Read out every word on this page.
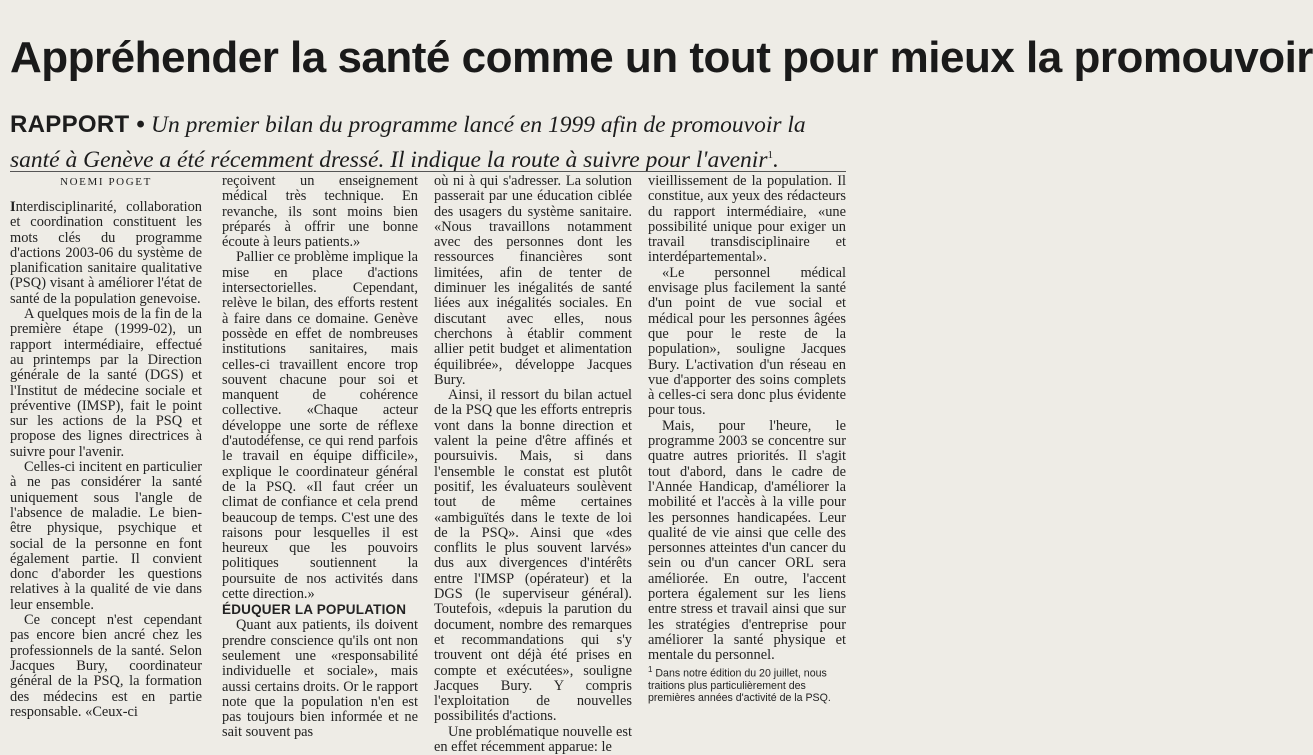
Appréhender la santé comme un tout pour mieux la promouvoir
RAPPORT • Un premier bilan du programme lancé en 1999 afin de promouvoir la santé à Genève a été récemment dressé. Il indique la route à suivre pour l'avenir$^1$.
NOEMI POGET

Interdisciplinarité, collaboration et coordination constituent les mots clés du programme d'actions 2003-06 du système de planification sanitaire qualitative (PSQ) visant à améliorer l'état de santé de la population genevoise.

A quelques mois de la fin de la première étape (1999-02), un rapport intermédiaire, effectué au printemps par la Direction générale de la santé (DGS) et l'Institut de médecine sociale et préventive (IMSP), fait le point sur les actions de la PSQ et propose des lignes directrices à suivre pour l'avenir.

Celles-ci incitent en particulier à ne pas considérer la santé uniquement sous l'angle de l'absence de maladie. Le bien-être physique, psychique et social de la personne en font également partie. Il convient donc d'aborder les questions relatives à la qualité de vie dans leur ensemble.

Ce concept n'est cependant pas encore bien ancré chez les professionnels de la santé. Selon Jacques Bury, coordinateur général de la PSQ, la formation des médecins est en partie responsable. «Ceux-ci

reçoivent un enseignement médical très technique. En revanche, ils sont moins bien préparés à offrir une bonne écoute à leurs patients.»

Pallier ce problème implique la mise en place d'actions intersectorielles. Cependant, relève le bilan, des efforts restent à faire dans ce domaine. Genève possède en effet de nombreuses institutions sanitaires, mais celles-ci travaillent encore trop souvent chacune pour soi et manquent de cohérence collective. «Chaque acteur développe une sorte de réflexe d'autodéfense, ce qui rend parfois le travail en équipe difficile», explique le coordinateur général de la PSQ. «Il faut créer un climat de confiance et cela prend beaucoup de temps. C'est une des raisons pour lesquelles il est heureux que les pouvoirs politiques soutiennent la poursuite de nos activités dans cette direction.»

ÉDUQUER LA POPULATION

Quant aux patients, ils doivent prendre conscience qu'ils ont non seulement une «responsabilité individuelle et sociale», mais aussi certains droits. Or le rapport note que la population n'en est pas toujours bien informée et ne sait souvent pas

où ni à qui s'adresser. La solution passerait par une éducation ciblée des usagers du système sanitaire. «Nous travaillons notamment avec des personnes dont les ressources financières sont limitées, afin de tenter de diminuer les inégalités de santé liées aux inégalités sociales. En discutant avec elles, nous cherchons à établir comment allier petit budget et alimentation équilibrée», développe Jacques Bury.

Ainsi, il ressort du bilan actuel de la PSQ que les efforts entrepris vont dans la bonne direction et valent la peine d'être affinés et poursuivis. Mais, si dans l'ensemble le constat est plutôt positif, les évaluateurs soulèvent tout de même certaines «ambiguïtés dans le texte de loi de la PSQ». Ainsi que «des conflits le plus souvent larvés» dus aux divergences d'intérêts entre l'IMSP (opérateur) et la DGS (le superviseur général). Toutefois, «depuis la parution du document, nombre des remarques et recommandations qui s'y trouvent ont déjà été prises en compte et exécutées», souligne Jacques Bury. Y compris l'exploitation de nouvelles possibilités d'actions.

Une problématique nouvelle est en effet récemment apparue: le

vieillissement de la population. Il constitue, aux yeux des rédacteurs du rapport intermédiaire, «une possibilité unique pour exiger un travail transdisciplinaire et interdépartemental».

«Le personnel médical envisage plus facilement la santé d'un point de vue social et médical pour les personnes âgées que pour le reste de la population», souligne Jacques Bury. L'activation d'un réseau en vue d'apporter des soins complets à celles-ci sera donc plus évidente pour tous.

Mais, pour l'heure, le programme 2003 se concentre sur quatre autres priorités. Il s'agit tout d'abord, dans le cadre de l'Année Handicap, d'améliorer la mobilité et l'accès à la ville pour les personnes handicapées. Leur qualité de vie ainsi que celle des personnes atteintes d'un cancer du sein ou d'un cancer ORL sera améliorée. En outre, l'accent portera également sur les liens entre stress et travail ainsi que sur les stratégies d'entreprise pour améliorer la santé physique et mentale du personnel.

$^1$ Dans notre édition du 20 juillet, nous traitions plus particulièrement des premières années d'activité de la PSQ.
